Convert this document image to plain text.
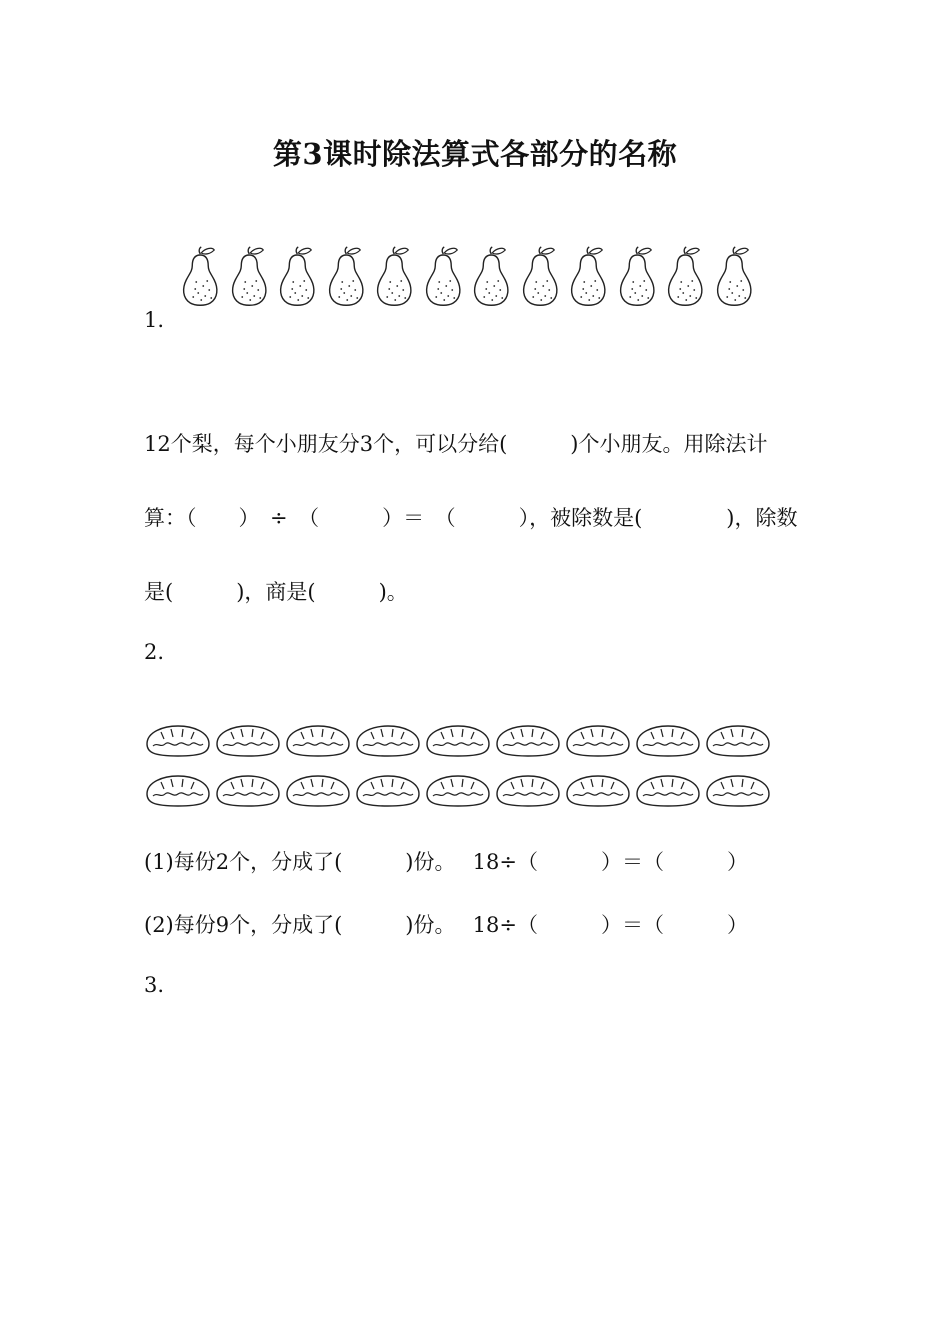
第3课时除法算式各部分的名称
1.
12个梨，每个小朋友分3个，可以分给(　　　)个小朋友。用除法计
算：（　　）　÷　（　　　）＝　（　　　），被除数是(　　　　)，除数
是(　　　)，商是(　　　)。
2.
(1)每份2个，分成了(　　　)份。　 18÷（　　　）＝（　　　）
(2)每份9个，分成了(　　　)份。　 18÷（　　　）＝（　　　）
3.
